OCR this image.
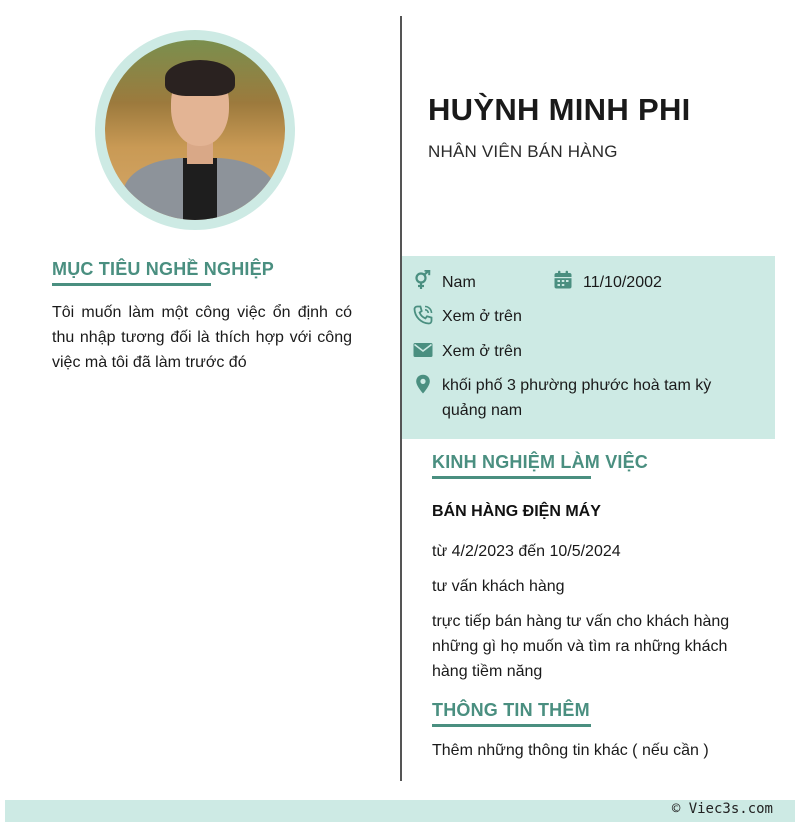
MỤC TIÊU NGHỀ NGHIỆP
Tôi muốn làm một công việc ổn định có thu nhập tương đối là thích hợp với công việc mà tôi đã làm trước đó
HUỲNH MINH PHI
NHÂN VIÊN BÁN HÀNG
Nam	11/10/2002
Xem ở trên
Xem ở trên
khối phố 3 phường phước hoà tam kỳ quảng nam
KINH NGHIỆM LÀM VIỆC
BÁN HÀNG ĐIỆN MÁY
từ 4/2/2023 đến 10/5/2024
tư vấn khách hàng
trực tiếp bán hàng tư vấn cho khách hàng những gì họ muốn và tìm ra những khách hàng tiềm năng
THÔNG TIN THÊM
Thêm những thông tin khác ( nếu cần )
© Viec3s.com
